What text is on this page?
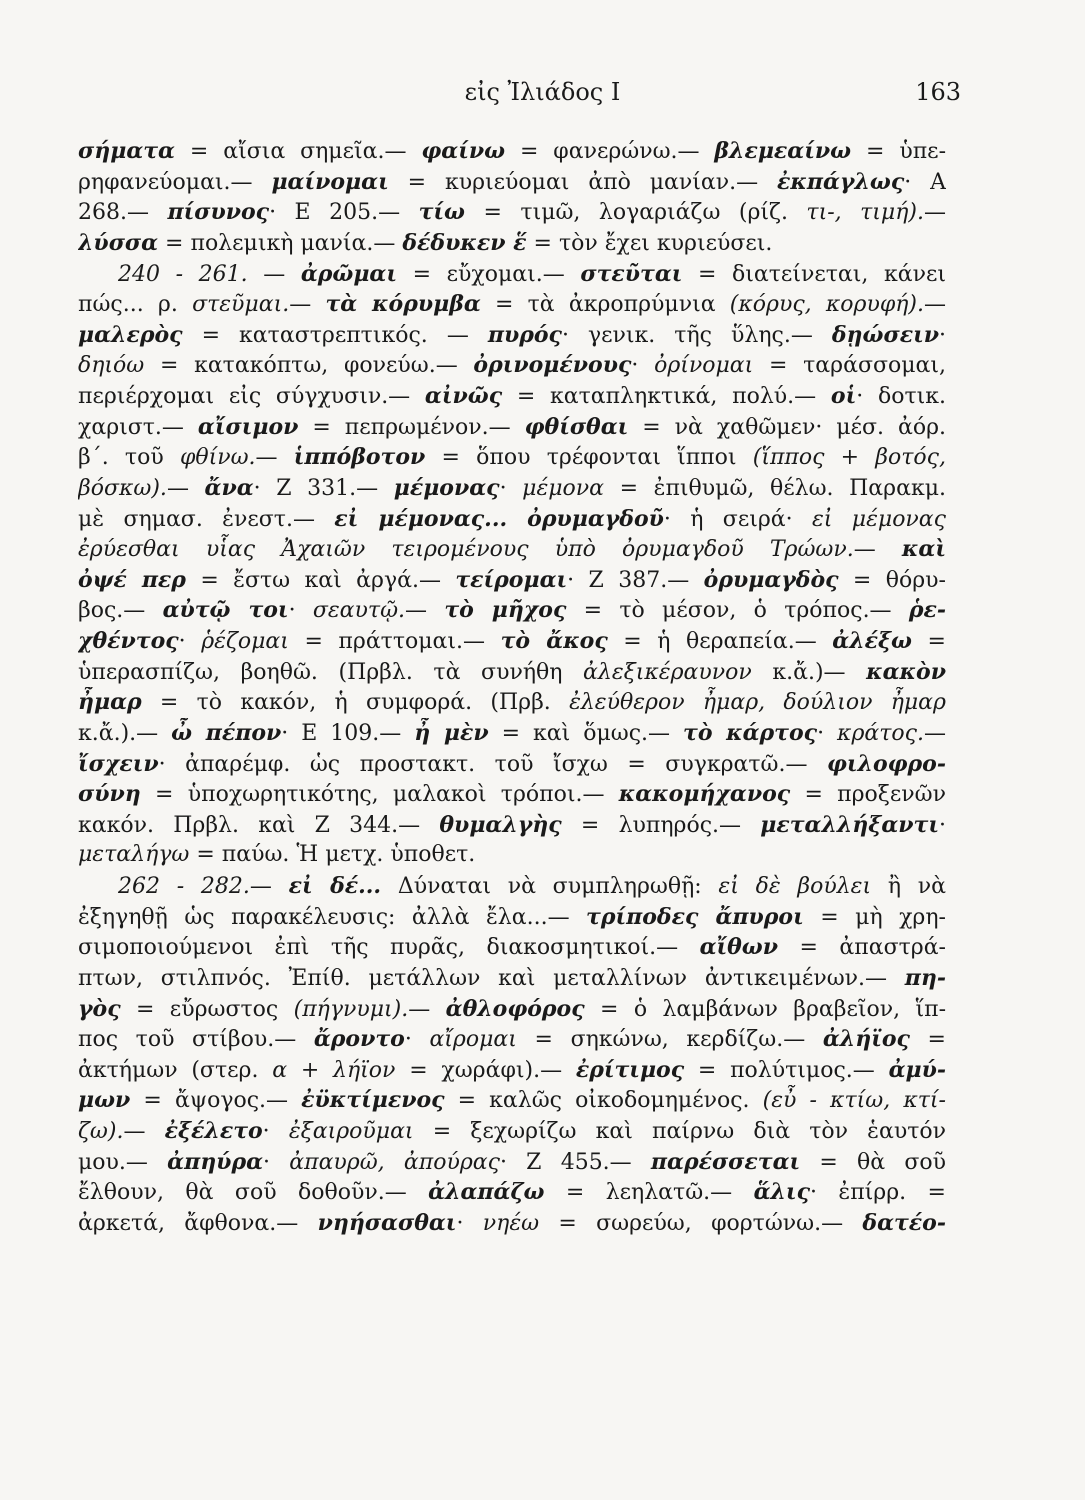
εἰς Ἰλιάδος Ι	163
σήματα = αἴσια σημεῖα.— φαίνω = φανερώνω.— βλεμεαίνω = ὑπε-
ρηφανεύομαι.— μαίνομαι = κυριεύομαι ἀπὸ μανίαν.— ἐκπάγλως· Α
268.— πίσυνος· Ε 205.— τίω = τιμῶ, λογαριάζω (ρίζ. τι-, τιμή).—
λύσσα = πολεμικὴ μανία.— δέδυκεν ἕ = τὸν ἔχει κυριεύσει.
240 - 261. — ἀρῶμαι = εὔχομαι.— στεῦται = διατείνεται, κάνει
πώς... ρ. στεῦμαι.— τὰ κόρυμβα = τὰ ἀκροπρύμνια (κόρυς, κορυφή).—
μαλερὸς = καταστρεπτικός. — πυρός· γενικ. τῆς ὕλης.— δῃώσειν·
δηιόω = κατακόπτω, φονεύω.— ὀρινομένους· ὀρίνομαι = ταράσσομαι,
περιέρχομαι εἰς σύγχυσιν.— αἰνῶς = καταπληκτικά, πολύ.— οἱ· δοτικ.
χαριστ.— αἴσιμον = πεπρωμένον.— φθίσθαι = νὰ χαθῶμεν· μέσ. ἀόρ.
β΄. τοῦ φθίνω.— ἱππόβοτον = ὅπου τρέφονται ἵπποι (ἵππος + βοτός,
βόσκω).— ἄνα· Ζ 331.— μέμονας· μέμονα = ἐπιθυμῶ, θέλω. Παρακμ.
μὲ σημασ. ἐνεστ.— εἰ μέμονας... ὀρυμαγδοῦ· ἡ σειρά· εἰ μέμονας
ἐρύεσθαι υἷας Ἀχαιῶν τειρομένους ὑπὸ ὀρυμαγδοῦ Τρώων.— καὶ
ὀψέ περ = ἔστω καὶ ἀργά.— τείρομαι· Ζ 387.— ὀρυμαγδὸς = θόρυ-
βος.— αὐτῷ τοι· σεαυτῷ.— τὸ μῆχος = τὸ μέσον, ὁ τρόπος.— ῥε-
χθέντος· ῥέζομαι = πράττομαι.— τὸ ἄκος = ἡ θεραπεία.— ἀλέξω =
ὑπερασπίζω, βοηθῶ. (Πρβλ. τὰ συνήθη ἀλεξικέραυνον κ.ἄ.)— κακὸν
ἦμαρ = τὸ κακόν, ἡ συμφορά. (Πρβ. ἐλεύθερον ἦμαρ, δούλιον ἦμαρ
κ.ἄ.).— ὦ πέπον· Ε 109.— ἦ μὲν = καὶ ὅμως.— τὸ κάρτος· κράτος.—
ἴσχειν· ἀπαρέμφ. ὡς προστακτ. τοῦ ἴσχω = συγκρατῶ.— φιλοφρο-
σύνη = ὑποχωρητικότης, μαλακοὶ τρόποι.— κακομήχανος = προξενῶν
κακόν. Πρβλ. καὶ Ζ 344.— θυμαλγὴς = λυπηρός.— μεταλλήξαντι·
μεταλήγω = παύω. Ἡ μετχ. ὑποθετ.
262 - 282.— εἰ δέ... Δύναται νὰ συμπληρωθῇ: εἰ δὲ βούλει ἢ νὰ
ἐξηγηθῇ ὡς παρακέλευσις: ἀλλὰ ἔλα...— τρίποδες ἄπυροι = μὴ χρη-
σιμοποιούμενοι ἐπὶ τῆς πυρᾶς, διακοσμητικοί.— αἴθων = ἀπαστρά-
πτων, στιλπνός. Ἐπίθ. μετάλλων καὶ μεταλλίνων ἀντικειμένων.— πη-
γὸς = εὔρωστος (πήγνυμι).— ἀθλοφόρος = ὁ λαμβάνων βραβεῖον, ἵπ-
πος τοῦ στίβου.— ἄροντο· αἴρομαι = σηκώνω, κερδίζω.— ἀλήϊος =
ἀκτήμων (στερ. α + λήϊον = χωράφι).— ἐρίτιμος = πολύτιμος.— ἀμύ-
μων = ἄψογος.— ἐϋκτίμενος = καλῶς οἰκοδομημένος. (εὖ - κτίω, κτί-
ζω).— ἐξέλετο· ἐξαιροῦμαι = ξεχωρίζω καὶ παίρνω διὰ τὸν ἑαυτόν
μου.— ἀπηύρα· ἀπαυρῶ, ἀπούρας· Ζ 455.— παρέσσεται = θὰ σοῦ
ἔλθουν, θὰ σοῦ δοθοῦν.— ἀλαπάζω = λεηλατῶ.— ἅλις· ἐπίρρ. =
ἀρκετά, ἄφθονα.— νηήσασθαι· νηέω = σωρεύω, φορτώνω.— δατέο-
